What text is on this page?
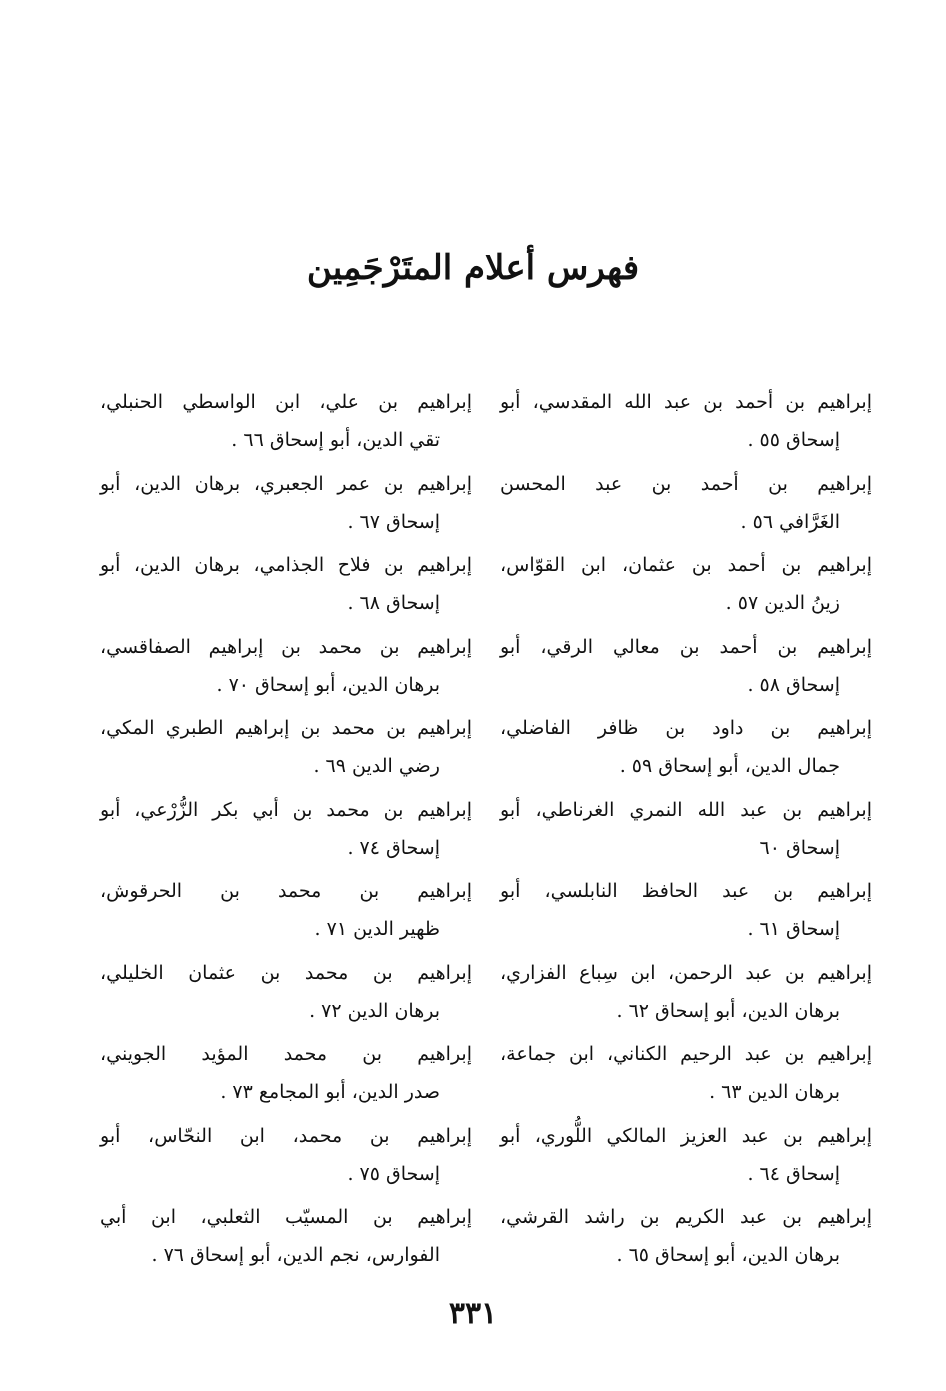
فهرس أعلام المتَرْجَمِين
إبراهيم بن أحمد بن عبد الله المقدسي، أبو
إسحاق ٥٥ .
إبراهيم بن أحمد بن عبد المحسن
الغَرَّافي ٥٦ .
إبراهيم بن أحمد بن عثمان، ابن القوّاس،
زينُ الدين ٥٧ .
إبراهيم بن أحمد بن معالي الرقي، أبو
إسحاق ٥٨ .
إبراهيم بن داود بن ظافر الفاضلي،
جمال الدين، أبو إسحاق ٥٩ .
إبراهيم بن عبد الله النمري الغرناطي، أبو
إسحاق ٦٠
إبراهيم بن عبد الحافظ النابلسي، أبو
إسحاق ٦١ .
إبراهيم بن عبد الرحمن، ابن سِباع الفزاري،
برهان الدين، أبو إسحاق ٦٢ .
إبراهيم بن عبد الرحيم الكناني، ابن جماعة،
برهان الدين ٦٣ .
إبراهيم بن عبد العزيز المالكي اللُّوري، أبو
إسحاق ٦٤ .
إبراهيم بن عبد الكريم بن راشد القرشي،
برهان الدين، أبو إسحاق ٦٥ .
إبراهيم بن علي، ابن الواسطي الحنبلي،
تقي الدين، أبو إسحاق ٦٦ .
إبراهيم بن عمر الجعبري، برهان الدين، أبو
إسحاق ٦٧ .
إبراهيم بن فلاح الجذامي، برهان الدين، أبو
إسحاق ٦٨ .
إبراهيم بن محمد بن إبراهيم الصفاقسي،
برهان الدين، أبو إسحاق ٧٠ .
إبراهيم بن محمد بن إبراهيم الطبري المكي،
رضي الدين ٦٩ .
إبراهيم بن محمد بن أبي بكر الزُّرْعي، أبو
إسحاق ٧٤ .
إبراهيم بن محمد بن الحرقوش،
ظهير الدين ٧١ .
إبراهيم بن محمد بن عثمان الخليلي،
برهان الدين ٧٢ .
إبراهيم بن محمد المؤيد الجويني،
صدر الدين، أبو المجامع ٧٣ .
إبراهيم بن محمد، ابن النحّاس، أبو
إسحاق ٧٥ .
إبراهيم بن المسيّب الثعلبي، ابن أبي
الفوارس، نجم الدين، أبو إسحاق ٧٦ .
٣٣١
